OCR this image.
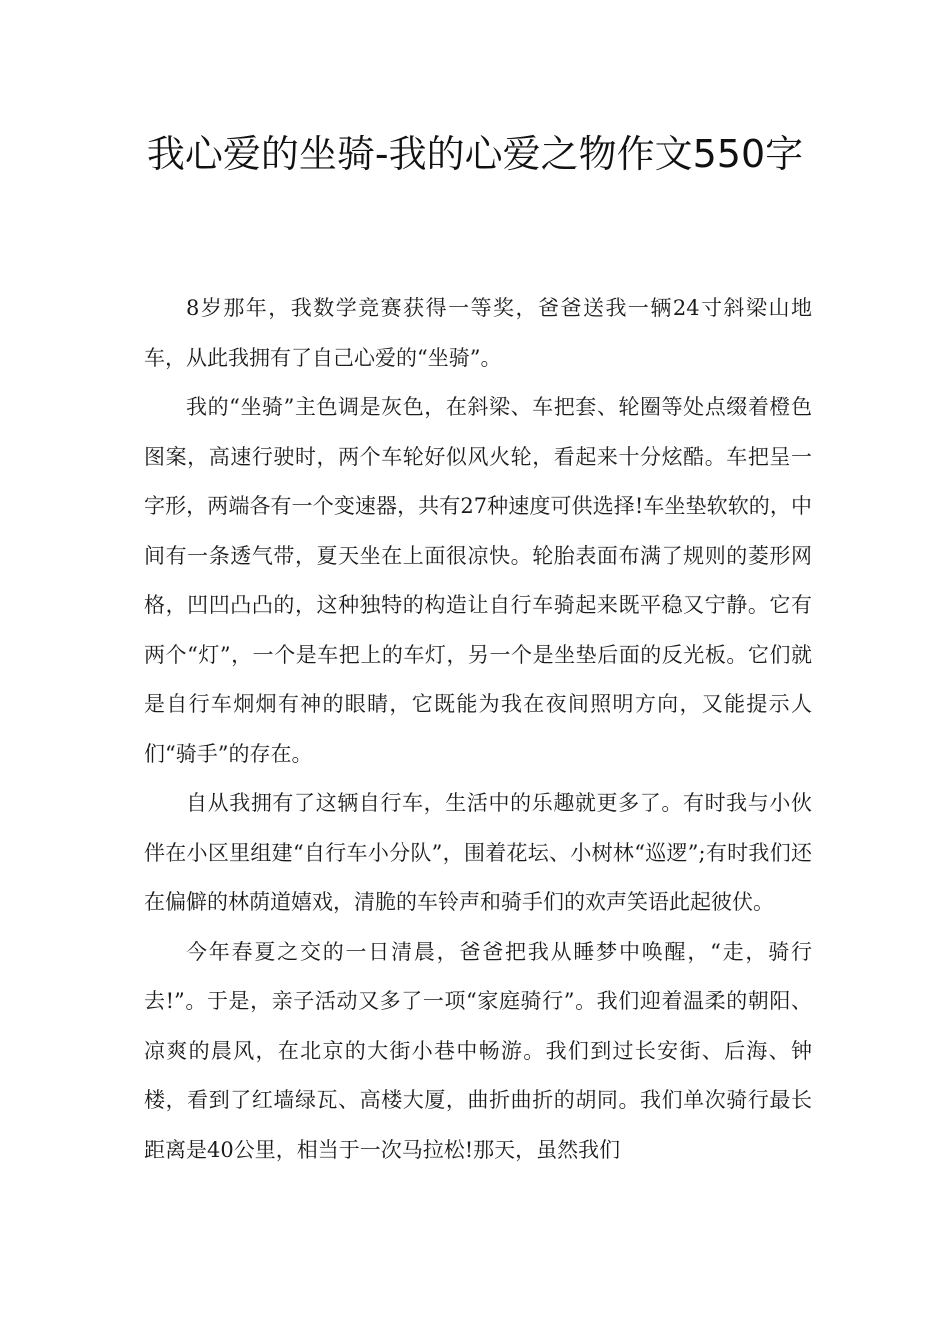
我心爱的坐骑-我的心爱之物作文550字

8岁那年，我数学竞赛获得一等奖，爸爸送我一辆24寸斜梁山地车，从此我拥有了自己心爱的“坐骑”。

我的“坐骑”主色调是灰色，在斜梁、车把套、轮圈等处点缀着橙色图案，高速行驶时，两个车轮好似风火轮，看起来十分炫酷。车把呈一字形，两端各有一个变速器，共有27种速度可供选择!车坐垫软软的，中间有一条透气带，夏天坐在上面很凉快。轮胎表面布满了规则的菱形网格，凹凹凸凸的，这种独特的构造让自行车骑起来既平稳又宁静。它有两个“灯”，一个是车把上的车灯，另一个是坐垫后面的反光板。它们就是自行车炯炯有神的眼睛，它既能为我在夜间照明方向，又能提示人们“骑手”的存在。

自从我拥有了这辆自行车，生活中的乐趣就更多了。有时我与小伙伴在小区里组建“自行车小分队”，围着花坛、小树林“巡逻”;有时我们还在偏僻的林荫道嬉戏，清脆的车铃声和骑手们的欢声笑语此起彼伏。

今年春夏之交的一日清晨，爸爸把我从睡梦中唤醒，“走，骑行去!”。于是，亲子活动又多了一项“家庭骑行”。我们迎着温柔的朝阳、凉爽的晨风，在北京的大街小巷中畅游。我们到过长安街、后海、钟楼，看到了红墙绿瓦、高楼大厦，曲折曲折的胡同。我们单次骑行最长距离是40公里，相当于一次马拉松!那天，虽然我们
